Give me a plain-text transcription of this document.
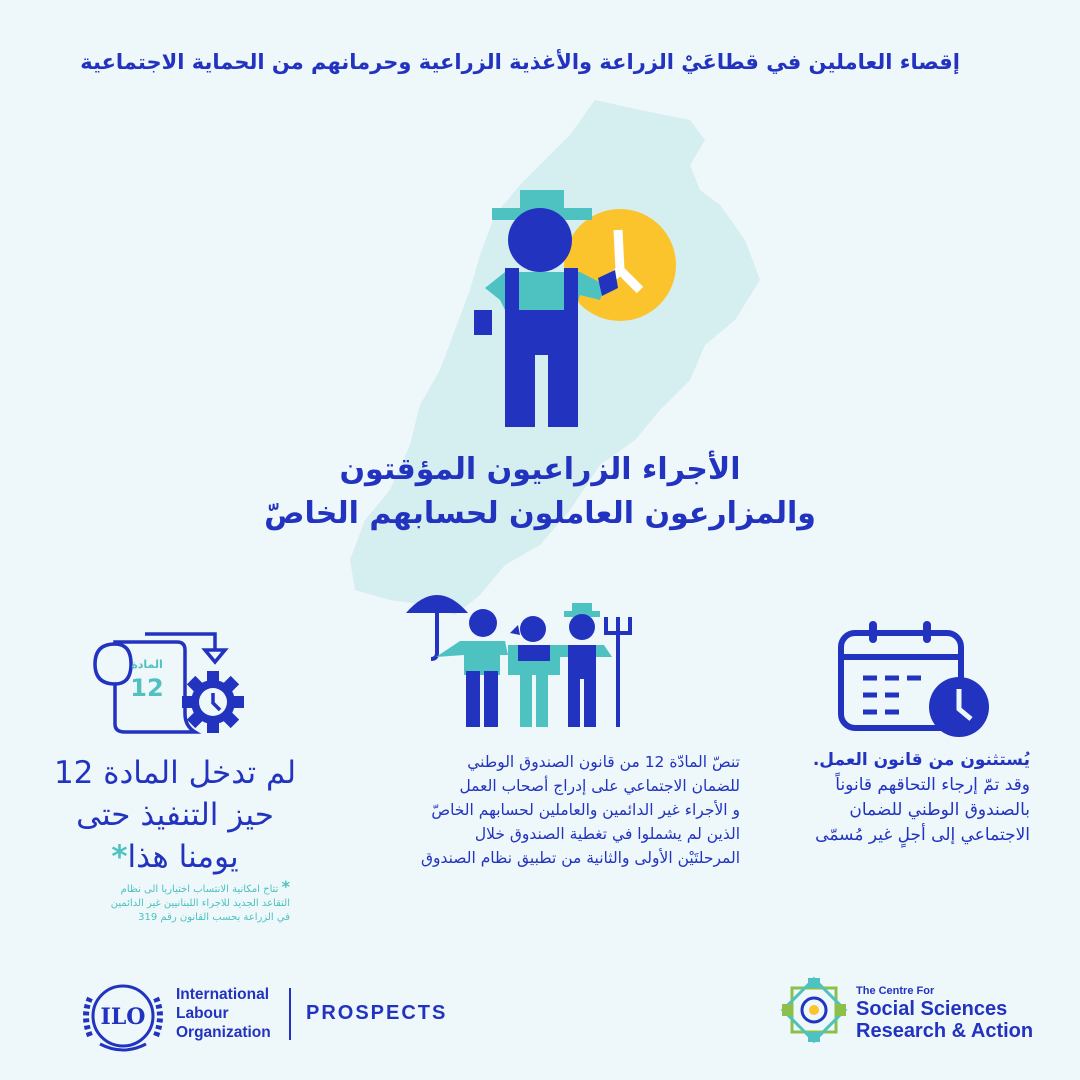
إقصاء العاملين في قطاعَيْ الزراعة والأغذية الزراعية وحرمانهم من الحماية الاجتماعية
الأجراء الزراعيون المؤقتون
والمزارعون العاملون لحسابهم الخاصّ
المادة
12
يُستثنون من قانون العمل.
وقد تمّ إرجاء التحاقهم قانوناً
بالصندوق الوطني للضمان
الاجتماعي إلى أجلٍ غير مُسمّى
تنصّ المادّة 12 من قانون الصندوق الوطني
للضمان الاجتماعي على إدراج أصحاب العمل
و الأجراء غير الدائمين والعاملين لحسابهم الخاصّ
الذين لم يشملوا في تغطية الصندوق خلال
المرحلتَيْن الأولى والثانية من تطبيق نظام الصندوق
لم تدخل المادة 12
حيز التنفيذ حتى
يومنا هذا*
* تتاح امكانية الانتساب اختياريا الى نظام
التقاعد الجديد للاجراء اللبنانيين غير الدائمين
في الزراعة بحسب القانون رقم 319
ILO
International
Labour
Organization
PROSPECTS
The Centre For
Social Sciences
Research & Action
